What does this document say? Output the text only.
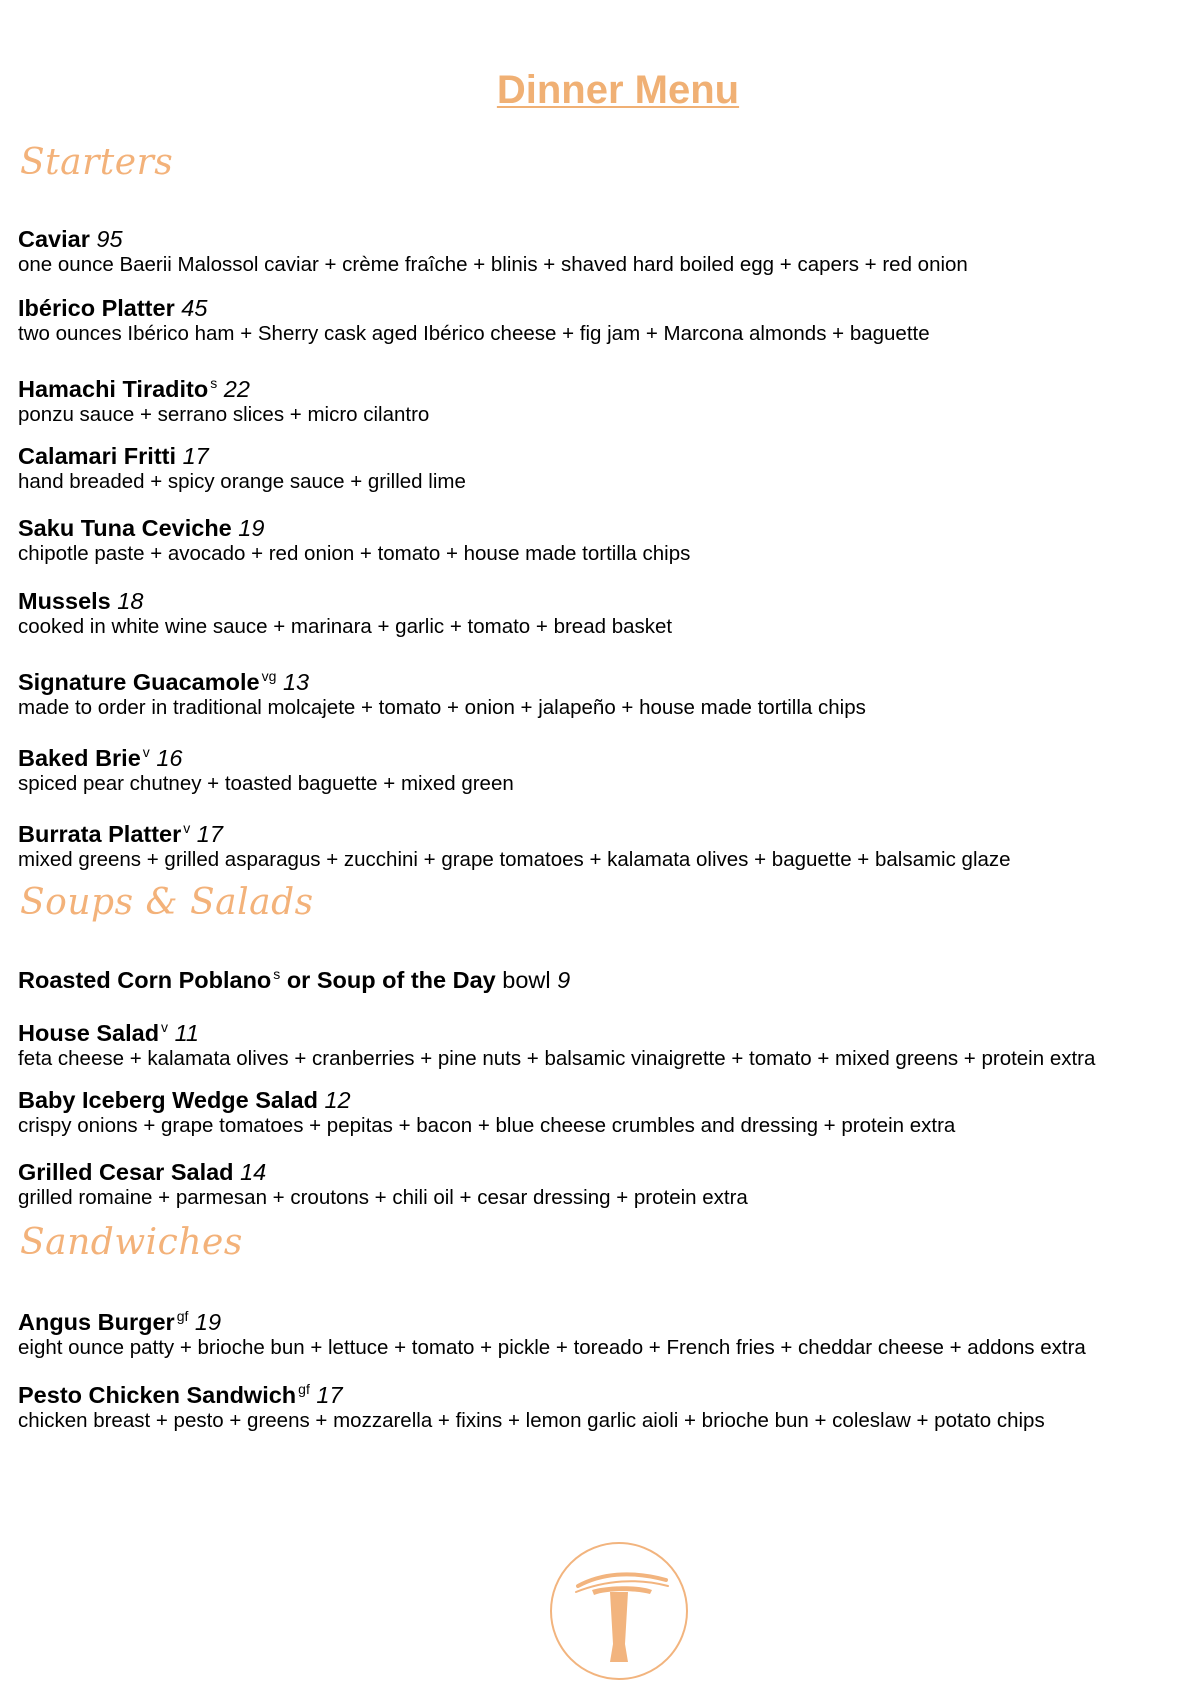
Dinner Menu
Starters
Caviar 95
one ounce Baerii Malossol caviar + crème fraîche + blinis + shaved hard boiled egg + capers + red onion
Ibérico Platter 45
two ounces Ibérico ham + Sherry cask aged Ibérico cheese + fig jam + Marcona almonds + baguette
Hamachi Tiradito $^s$ 22
ponzu sauce + serrano slices + micro cilantro
Calamari Fritti 17
hand breaded + spicy orange sauce + grilled lime
Saku Tuna Ceviche 19
chipotle paste + avocado + red onion + tomato + house made tortilla chips
Mussels 18
cooked in white wine sauce + marinara + garlic + tomato + bread basket
Signature Guacamole $^{vg}$ 13
made to order in traditional molcajete + tomato + onion + jalapeño + house made tortilla chips
Baked Brie $^v$ 16
spiced pear chutney + toasted baguette + mixed green
Burrata Platter $^v$ 17
mixed greens + grilled asparagus + zucchini + grape tomatoes + kalamata olives + baguette + balsamic glaze
Soups & Salads
Roasted Corn Poblano $^s$ or Soup of the Day bowl 9
House Salad $^v$ 11
feta cheese + kalamata olives + cranberries + pine nuts + balsamic vinaigrette + tomato + mixed greens + protein extra
Baby Iceberg Wedge Salad 12
crispy onions + grape tomatoes + pepitas + bacon + blue cheese crumbles and dressing + protein extra
Grilled Cesar Salad 14
grilled romaine + parmesan + croutons + chili oil + cesar dressing + protein extra
Sandwiches
Angus Burger $^{gf}$ 19
eight ounce patty + brioche bun + lettuce + tomato + pickle + toreado + French fries + cheddar cheese + addons extra
Pesto Chicken Sandwich $^{gf}$ 17
chicken breast + pesto + greens + mozzarella + fixins + lemon garlic aioli + brioche bun + coleslaw + potato chips
